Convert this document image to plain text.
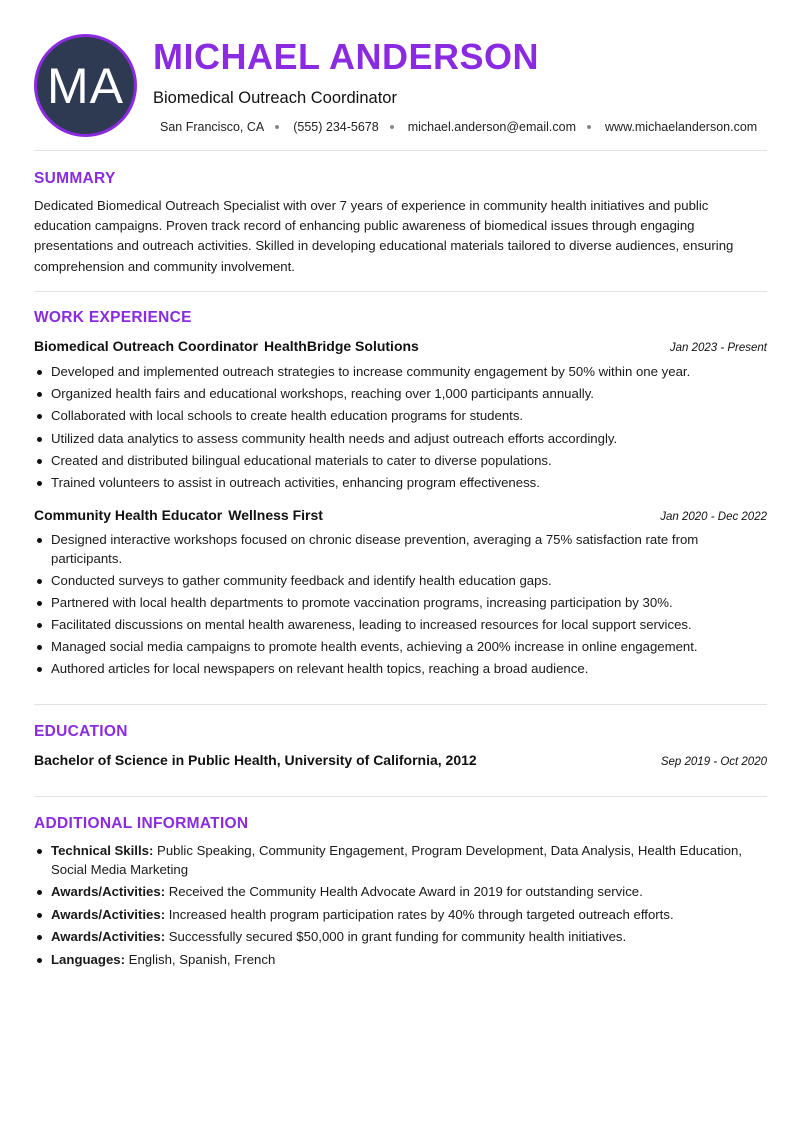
MA
MICHAEL ANDERSON
Biomedical Outreach Coordinator
San Francisco, CA (555) 234-5678 michael.anderson@email.com www.michaelanderson.com
SUMMARY
Dedicated Biomedical Outreach Specialist with over 7 years of experience in community health initiatives and public education campaigns. Proven track record of enhancing public awareness of biomedical issues through engaging presentations and outreach activities. Skilled in developing educational materials tailored to diverse audiences, ensuring comprehension and community involvement.
WORK EXPERIENCE
Biomedical Outreach Coordinator HealthBridge Solutions	Jan 2023 - Present
Developed and implemented outreach strategies to increase community engagement by 50% within one year.
Organized health fairs and educational workshops, reaching over 1,000 participants annually.
Collaborated with local schools to create health education programs for students.
Utilized data analytics to assess community health needs and adjust outreach efforts accordingly.
Created and distributed bilingual educational materials to cater to diverse populations.
Trained volunteers to assist in outreach activities, enhancing program effectiveness.
Community Health Educator Wellness First	Jan 2020 - Dec 2022
Designed interactive workshops focused on chronic disease prevention, averaging a 75% satisfaction rate from participants.
Conducted surveys to gather community feedback and identify health education gaps.
Partnered with local health departments to promote vaccination programs, increasing participation by 30%.
Facilitated discussions on mental health awareness, leading to increased resources for local support services.
Managed social media campaigns to promote health events, achieving a 200% increase in online engagement.
Authored articles for local newspapers on relevant health topics, reaching a broad audience.
EDUCATION
Bachelor of Science in Public Health, University of California, 2012	Sep 2019 - Oct 2020
ADDITIONAL INFORMATION
Technical Skills: Public Speaking, Community Engagement, Program Development, Data Analysis, Health Education, Social Media Marketing
Awards/Activities: Received the Community Health Advocate Award in 2019 for outstanding service.
Awards/Activities: Increased health program participation rates by 40% through targeted outreach efforts.
Awards/Activities: Successfully secured $50,000 in grant funding for community health initiatives.
Languages: English, Spanish, French
